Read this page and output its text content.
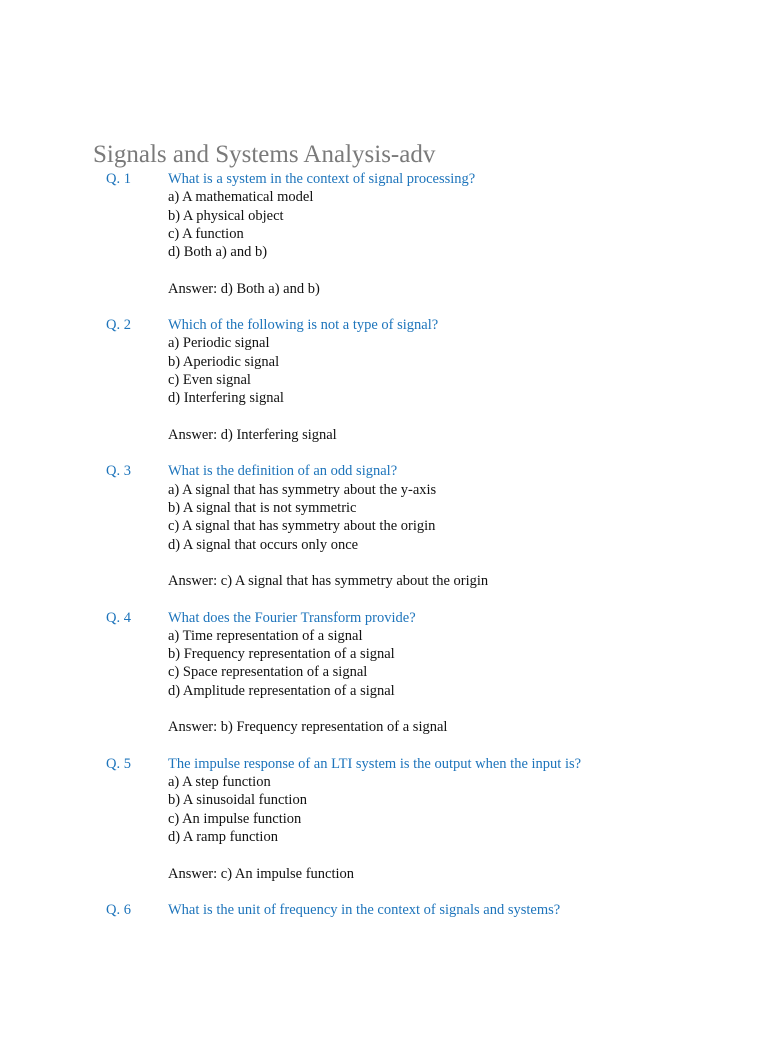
Signals and Systems Analysis-adv
Q. 1	What is a system in the context of signal processing?
a) A mathematical model
b) A physical object
c) A function
d) Both a) and b)
Answer: d) Both a) and b)
Q. 2	Which of the following is not a type of signal?
a) Periodic signal
b) Aperiodic signal
c) Even signal
d) Interfering signal
Answer: d) Interfering signal
Q. 3	What is the definition of an odd signal?
a) A signal that has symmetry about the y-axis
b) A signal that is not symmetric
c) A signal that has symmetry about the origin
d) A signal that occurs only once
Answer: c) A signal that has symmetry about the origin
Q. 4	What does the Fourier Transform provide?
a) Time representation of a signal
b) Frequency representation of a signal
c) Space representation of a signal
d) Amplitude representation of a signal
Answer: b) Frequency representation of a signal
Q. 5	The impulse response of an LTI system is the output when the input is?
a) A step function
b) A sinusoidal function
c) An impulse function
d) A ramp function
Answer: c) An impulse function
Q. 6	What is the unit of frequency in the context of signals and systems?
